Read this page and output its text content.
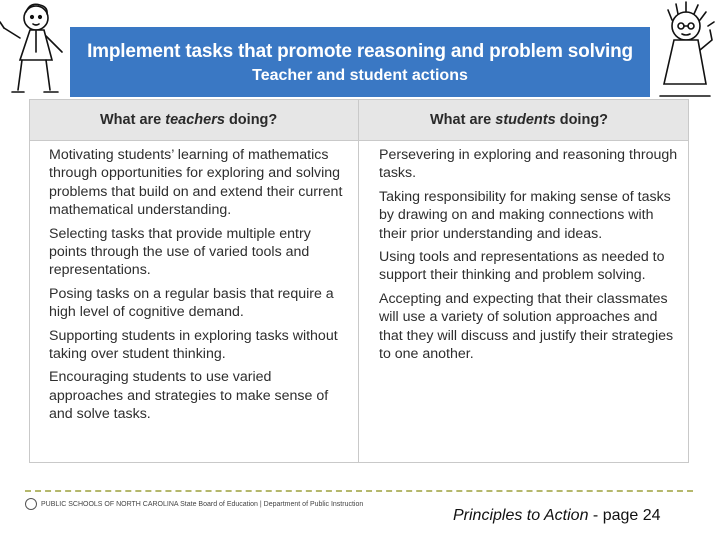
Implement tasks that promote reasoning and problem solving
Teacher and student actions
What are teachers doing?	What are students doing?

Motivating students’ learning of mathematics through opportunities for exploring and solving problems that build on and extend their current mathematical understanding.

Selecting tasks that provide multiple entry points through the use of varied tools and representations.

Posing tasks on a regular basis that require a high level of cognitive demand.

Supporting students in exploring tasks without taking over student thinking.

Encouraging students to use varied approaches and strategies to make sense of and solve tasks.

Persevering in exploring and reasoning through tasks.

Taking responsibility for making sense of tasks by drawing on and making connections with their prior understanding and ideas.

Using tools and representations as needed to support their thinking and problem solving.

Accepting and expecting that their classmates will use a variety of solution approaches and that they will discuss and justify their strategies to one another.

PUBLIC SCHOOLS OF NORTH CAROLINA State Board of Education | Department of Public Instruction
Principles to Action - page 24
